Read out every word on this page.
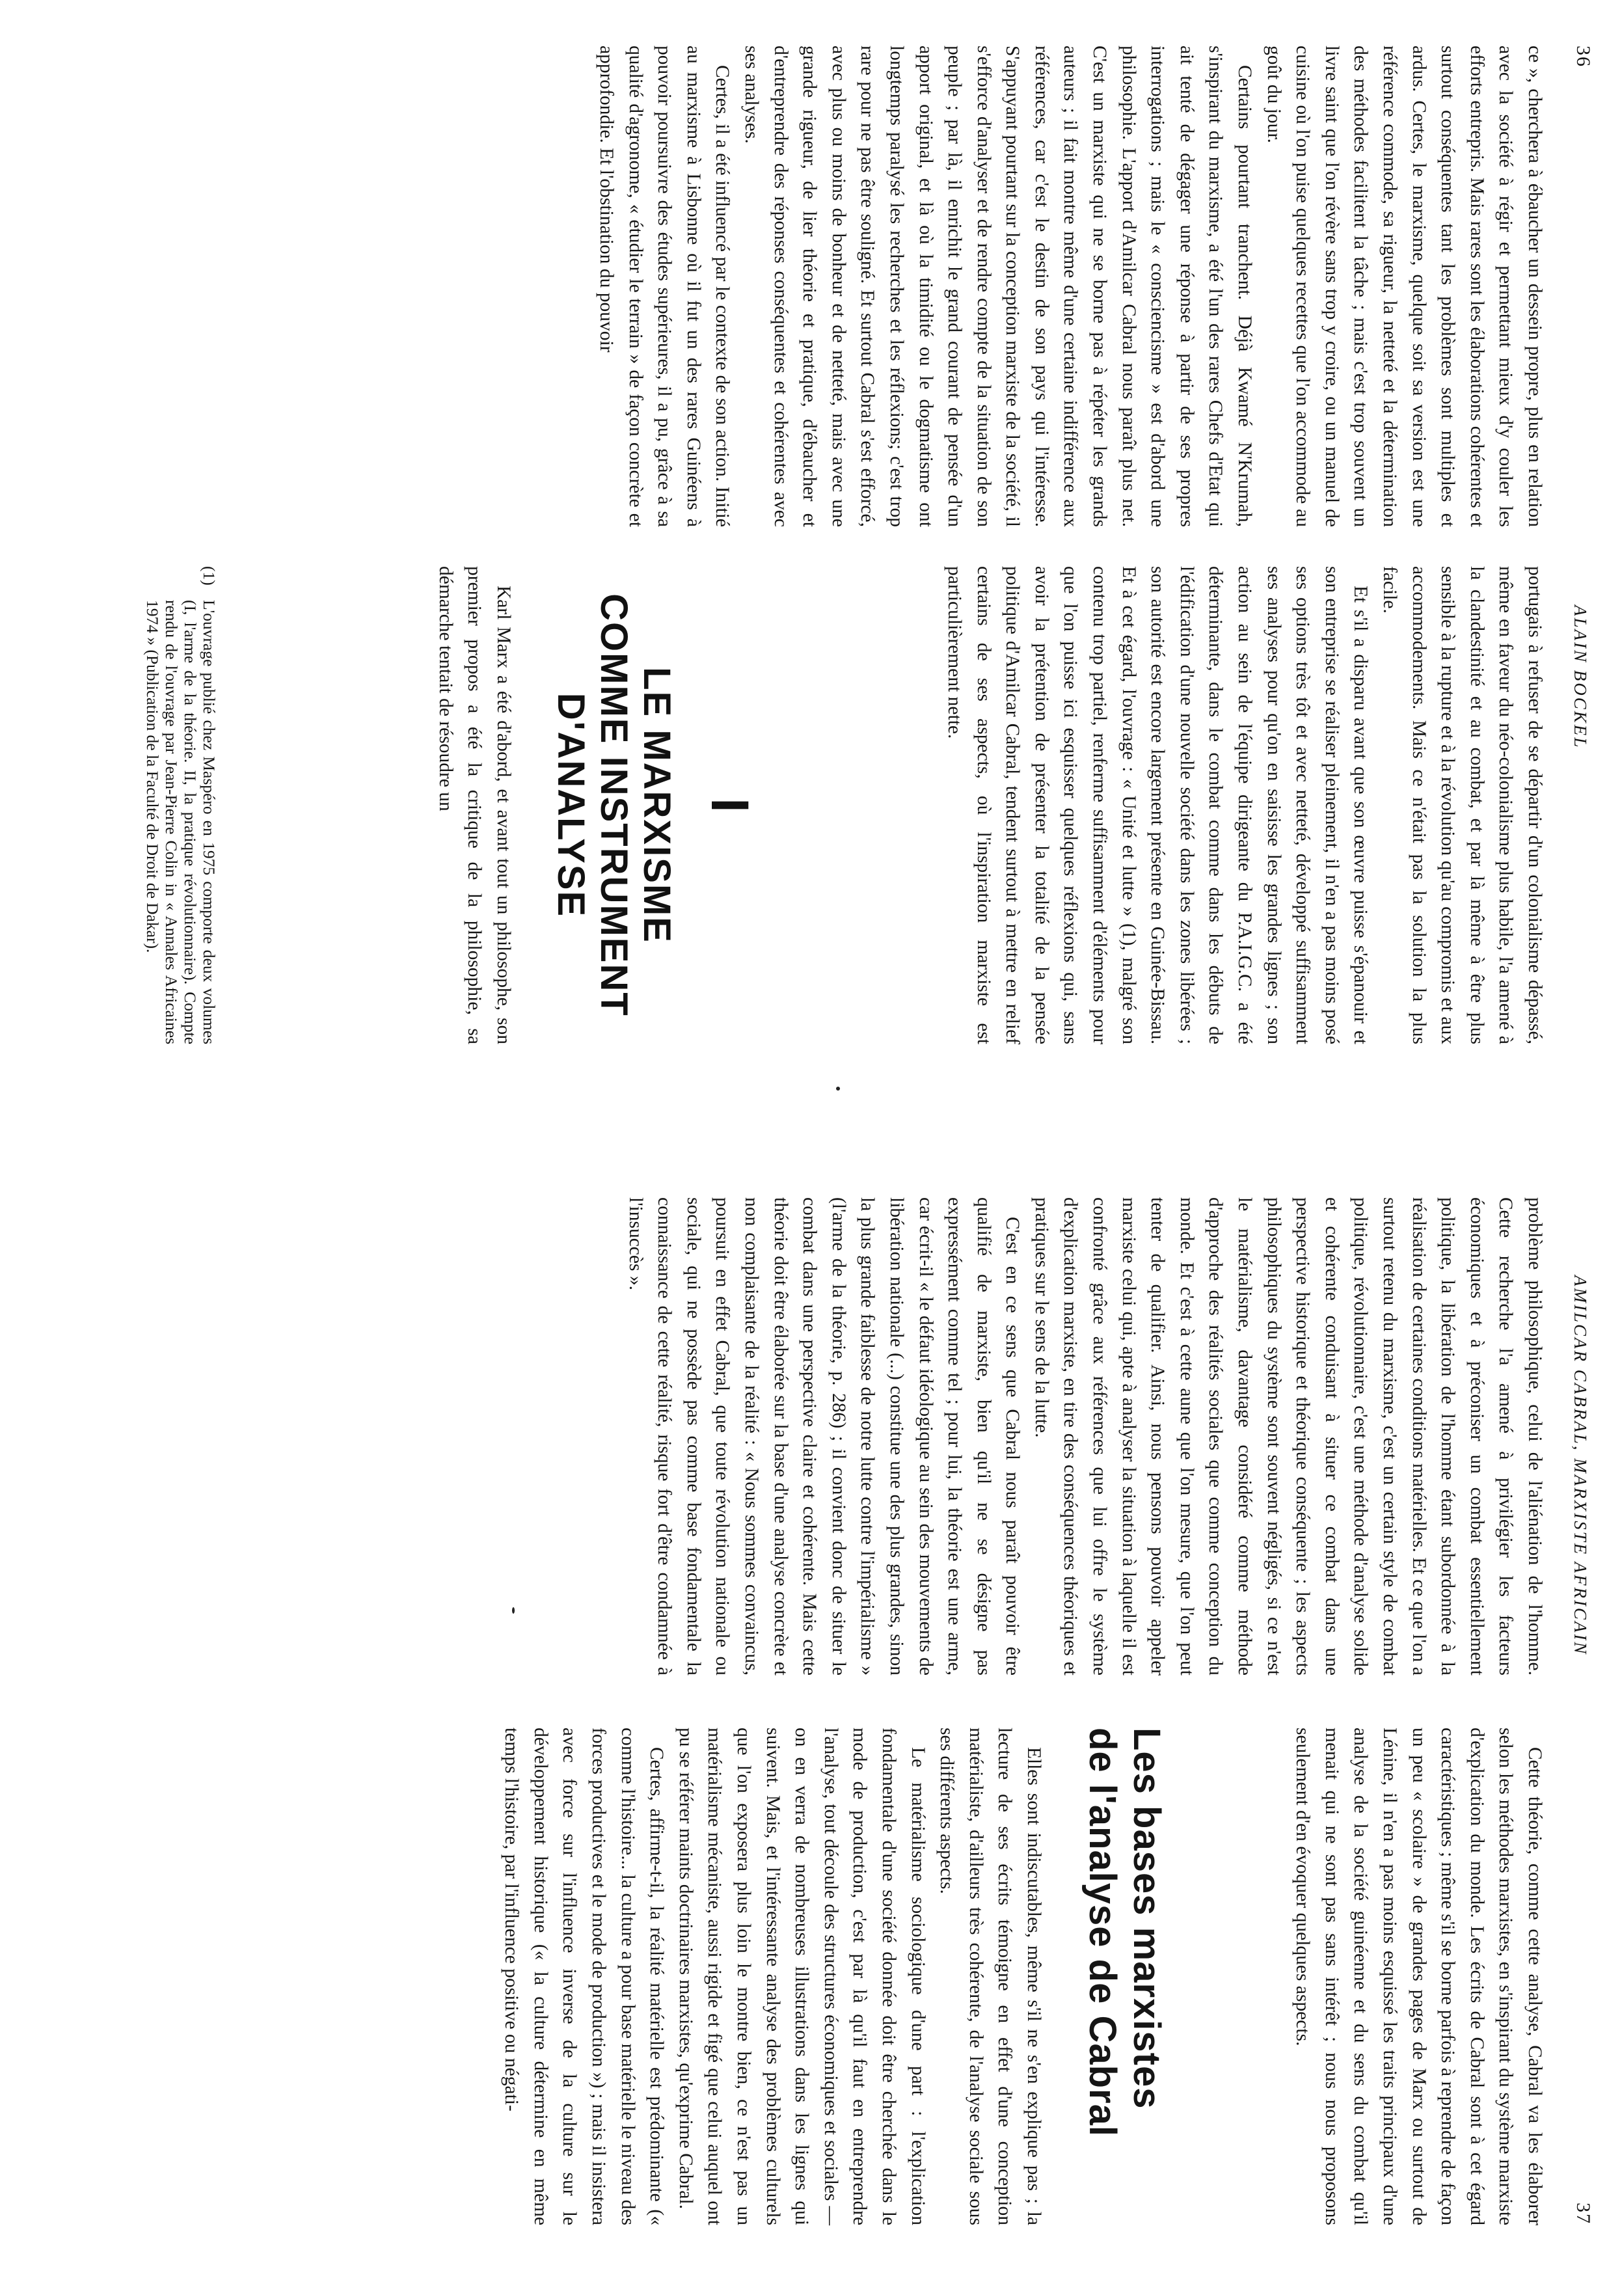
36
ALAIN BOCKEL

ce », cherchera à ébaucher un dessein propre, plus en relation avec la société à régir et permettant mieux d'y couler les efforts entrepris. Mais rares sont les élaborations cohérentes et surtout conséquentes tant les problèmes sont multiples et ardus. Certes, le marxisme, quelque soit sa version est une référence commode, sa rigueur, la netteté et la détermination des méthodes facilitent la tâche ; mais c'est trop souvent un livre saint que l'on révère sans trop y croire, ou un manuel de cuisine où l'on puise quelques recettes que l'on accommode au goût du jour.

Certains pourtant tranchent. Déjà Kwamé N'Krumah, s'inspirant du marxisme, a été l'un des rares Chefs d'Etat qui ait tenté de dégager une réponse à partir de ses propres interrogations ; mais le « consciencisme » est d'abord une philosophie. L'apport d'Amilcar Cabral nous paraît plus net. C'est un marxiste qui ne se borne pas à répéter les grands auteurs ; il fait montre même d'une certaine indifférence aux références, car c'est le destin de son pays qui l'intéresse. S'appuyant pourtant sur la conception marxiste de la société, il s'efforce d'analyser et de rendre compte de la situation de son peuple ; par là, il enrichit le grand courant de pensée d'un apport original, et là où la timidité ou le dogmatisme ont longtemps paralysé les recherches et les réflexions; c'est trop rare pour ne pas être souligné. Et surtout Cabral s'est efforcé, avec plus ou moins de bonheur et de netteté, mais avec une grande rigueur, de lier théorie et pratique, d'ébaucher et d'entreprendre des réponses conséquentes et cohérentes avec ses analyses.

Certes, il a été influencé par le contexte de son action. Initié au marxisme à Lisbonne où il fut un des rares Guinéens à pouvoir poursuivre des études supérieures, il a pu, grâce à sa qualité d'agronome, « étudier le terrain » de façon concrète et approfondie. Et l'obstination du pouvoir

portugais à refuser de se départir d'un colonialisme dépassé, même en faveur du néo-colonialisme plus habile, l'a amené à la clandestinité et au combat, et par là même à être plus sensible à la rupture et à la révolution qu'au compromis et aux accommodements. Mais ce n'était pas la solution la plus facile.

Et s'il a disparu avant que son œuvre puisse s'épanouir et son entreprise se réaliser pleinement, il n'en a pas moins posé ses options très tôt et avec netteté, développé suffisamment ses analyses pour qu'on en saisisse les grandes lignes ; son action au sein de l'équipe dirigeante du P.A.I.G.C. a été déterminante, dans le combat comme dans les débuts de l'édification d'une nouvelle société dans les zones libérées ; son autorité est encore largement présente en Guinée-Bissau. Et à cet égard, l'ouvrage : « Unité et lutte » (1), malgré son contenu trop partiel, renferme suffisamment d'éléments pour que l'on puisse ici esquisser quelques réflexions qui, sans avoir la prétention de présenter la totalité de la pensée politique d'Amilcar Cabral, tendent surtout à mettre en relief certains de ses aspects, où l'inspiration marxiste est particulièrement nette.

I
LE MARXISME
COMME INSTRUMENT
D'ANALYSE

Karl Marx a été d'abord, et avant tout un philosophe, son premier propos a été la critique de la philosophie, sa démarche tentait de résoudre un

(1)
L'ouvrage publié chez Maspéro en 1975 comporte deux volumes (I, l'arme de la théorie. II, la pratique révolutionnaire). Compte rendu de l'ouvrage par Jean-Pierre Colin in « Annales Africaines 1974 » (Publication de la Faculté de Droit de Dakar).
AMILCAR CABRAL, MARXISTE AFRICAIN
37

problème philosophique, celui de l'aliénation de l'homme. Cette recherche l'a amené à privilégier les facteurs économiques et à préconiser un combat essentiellement politique, la libération de l'homme étant subordonnée à la réalisation de certaines conditions matérielles. Et ce que l'on a surtout retenu du marxisme, c'est un certain style de combat politique, révolutionnaire, c'est une méthode d'analyse solide et cohérente conduisant à situer ce combat dans une perspective historique et théorique conséquente ; les aspects philosophiques du système sont souvent négligés, si ce n'est le matérialisme, davantage considéré comme méthode d'approche des réalités sociales que comme conception du monde. Et c'est à cette aune que l'on mesure, que l'on peut tenter de qualifier. Ainsi, nous pensons pouvoir appeler marxiste celui qui, apte à analyser la situation à laquelle il est confronté grâce aux références que lui offre le système d'explication marxiste, en tire des conséquences théoriques et pratiques sur le sens de la lutte.

C'est en ce sens que Cabral nous paraît pouvoir être qualifié de marxiste, bien qu'il ne se désigne pas expressément comme tel ; pour lui, la théorie est une arme, car écrit-il « le défaut idéologique au sein des mouvements de libération nationale (...) constitue une des plus grandes, sinon la plus grande faiblesse de notre lutte contre l'impérialisme » (l'arme de la théorie, p. 286) ; il convient donc de situer le combat dans une perspective claire et cohérente. Mais cette théorie doit être élaborée sur la base d'une analyse concrète et non complaisante de la réalité : « Nous sommes convaincus, poursuit en effet Cabral, que toute révolution nationale ou sociale, qui ne possède pas comme base fondamentale la connaissance de cette réalité, risque fort d'être condamnée à l'insuccès ».

Cette théorie, comme cette analyse, Cabral va les élaborer selon les méthodes marxistes, en s'inspirant du système marxiste d'explication du monde. Les écrits de Cabral sont à cet égard caractéristiques ; même s'il se borne parfois à reprendre de façon un peu « scolaire » de grandes pages de Marx ou surtout de Lénine, il n'en a pas moins esquissé les traits principaux d'une analyse de la société guinéenne et du sens du combat qu'il menait qui ne sont pas sans intérêt ; nous nous proposons seulement d'en évoquer quelques aspects.

Les bases marxistes
de l'analyse de Cabral

Elles sont indiscutables, même s'il ne s'en explique pas ; la lecture de ses écrits témoigne en effet d'une conception matérialiste, d'ailleurs très cohérente, de l'analyse sociale sous ses différents aspects.

Le matérialisme sociologique d'une part : l'explication fondamentale d'une société donnée doit être cherchée dans le mode de production, c'est par là qu'il faut en entreprendre l'analyse, tout découle des structures économiques et sociales — on en verra de nombreuses illustrations dans les lignes qui suivent. Mais, et l'intéressante analyse des problèmes culturels que l'on exposera plus loin le montre bien, ce n'est pas un matérialisme mécaniste, aussi rigide et figé que celui auquel ont pu se référer maints doctrinaires marxistes, qu'exprime Cabral.

Certes, affirme-t-il, la réalité matérielle est prédominante (« comme l'histoire... la culture a pour base matérielle le niveau des forces productives et le mode de production ») ; mais il insistera avec force sur l'influence inverse de la culture sur le développement historique (« la culture détermine en même temps l'histoire, par l'influence positive ou négati-
